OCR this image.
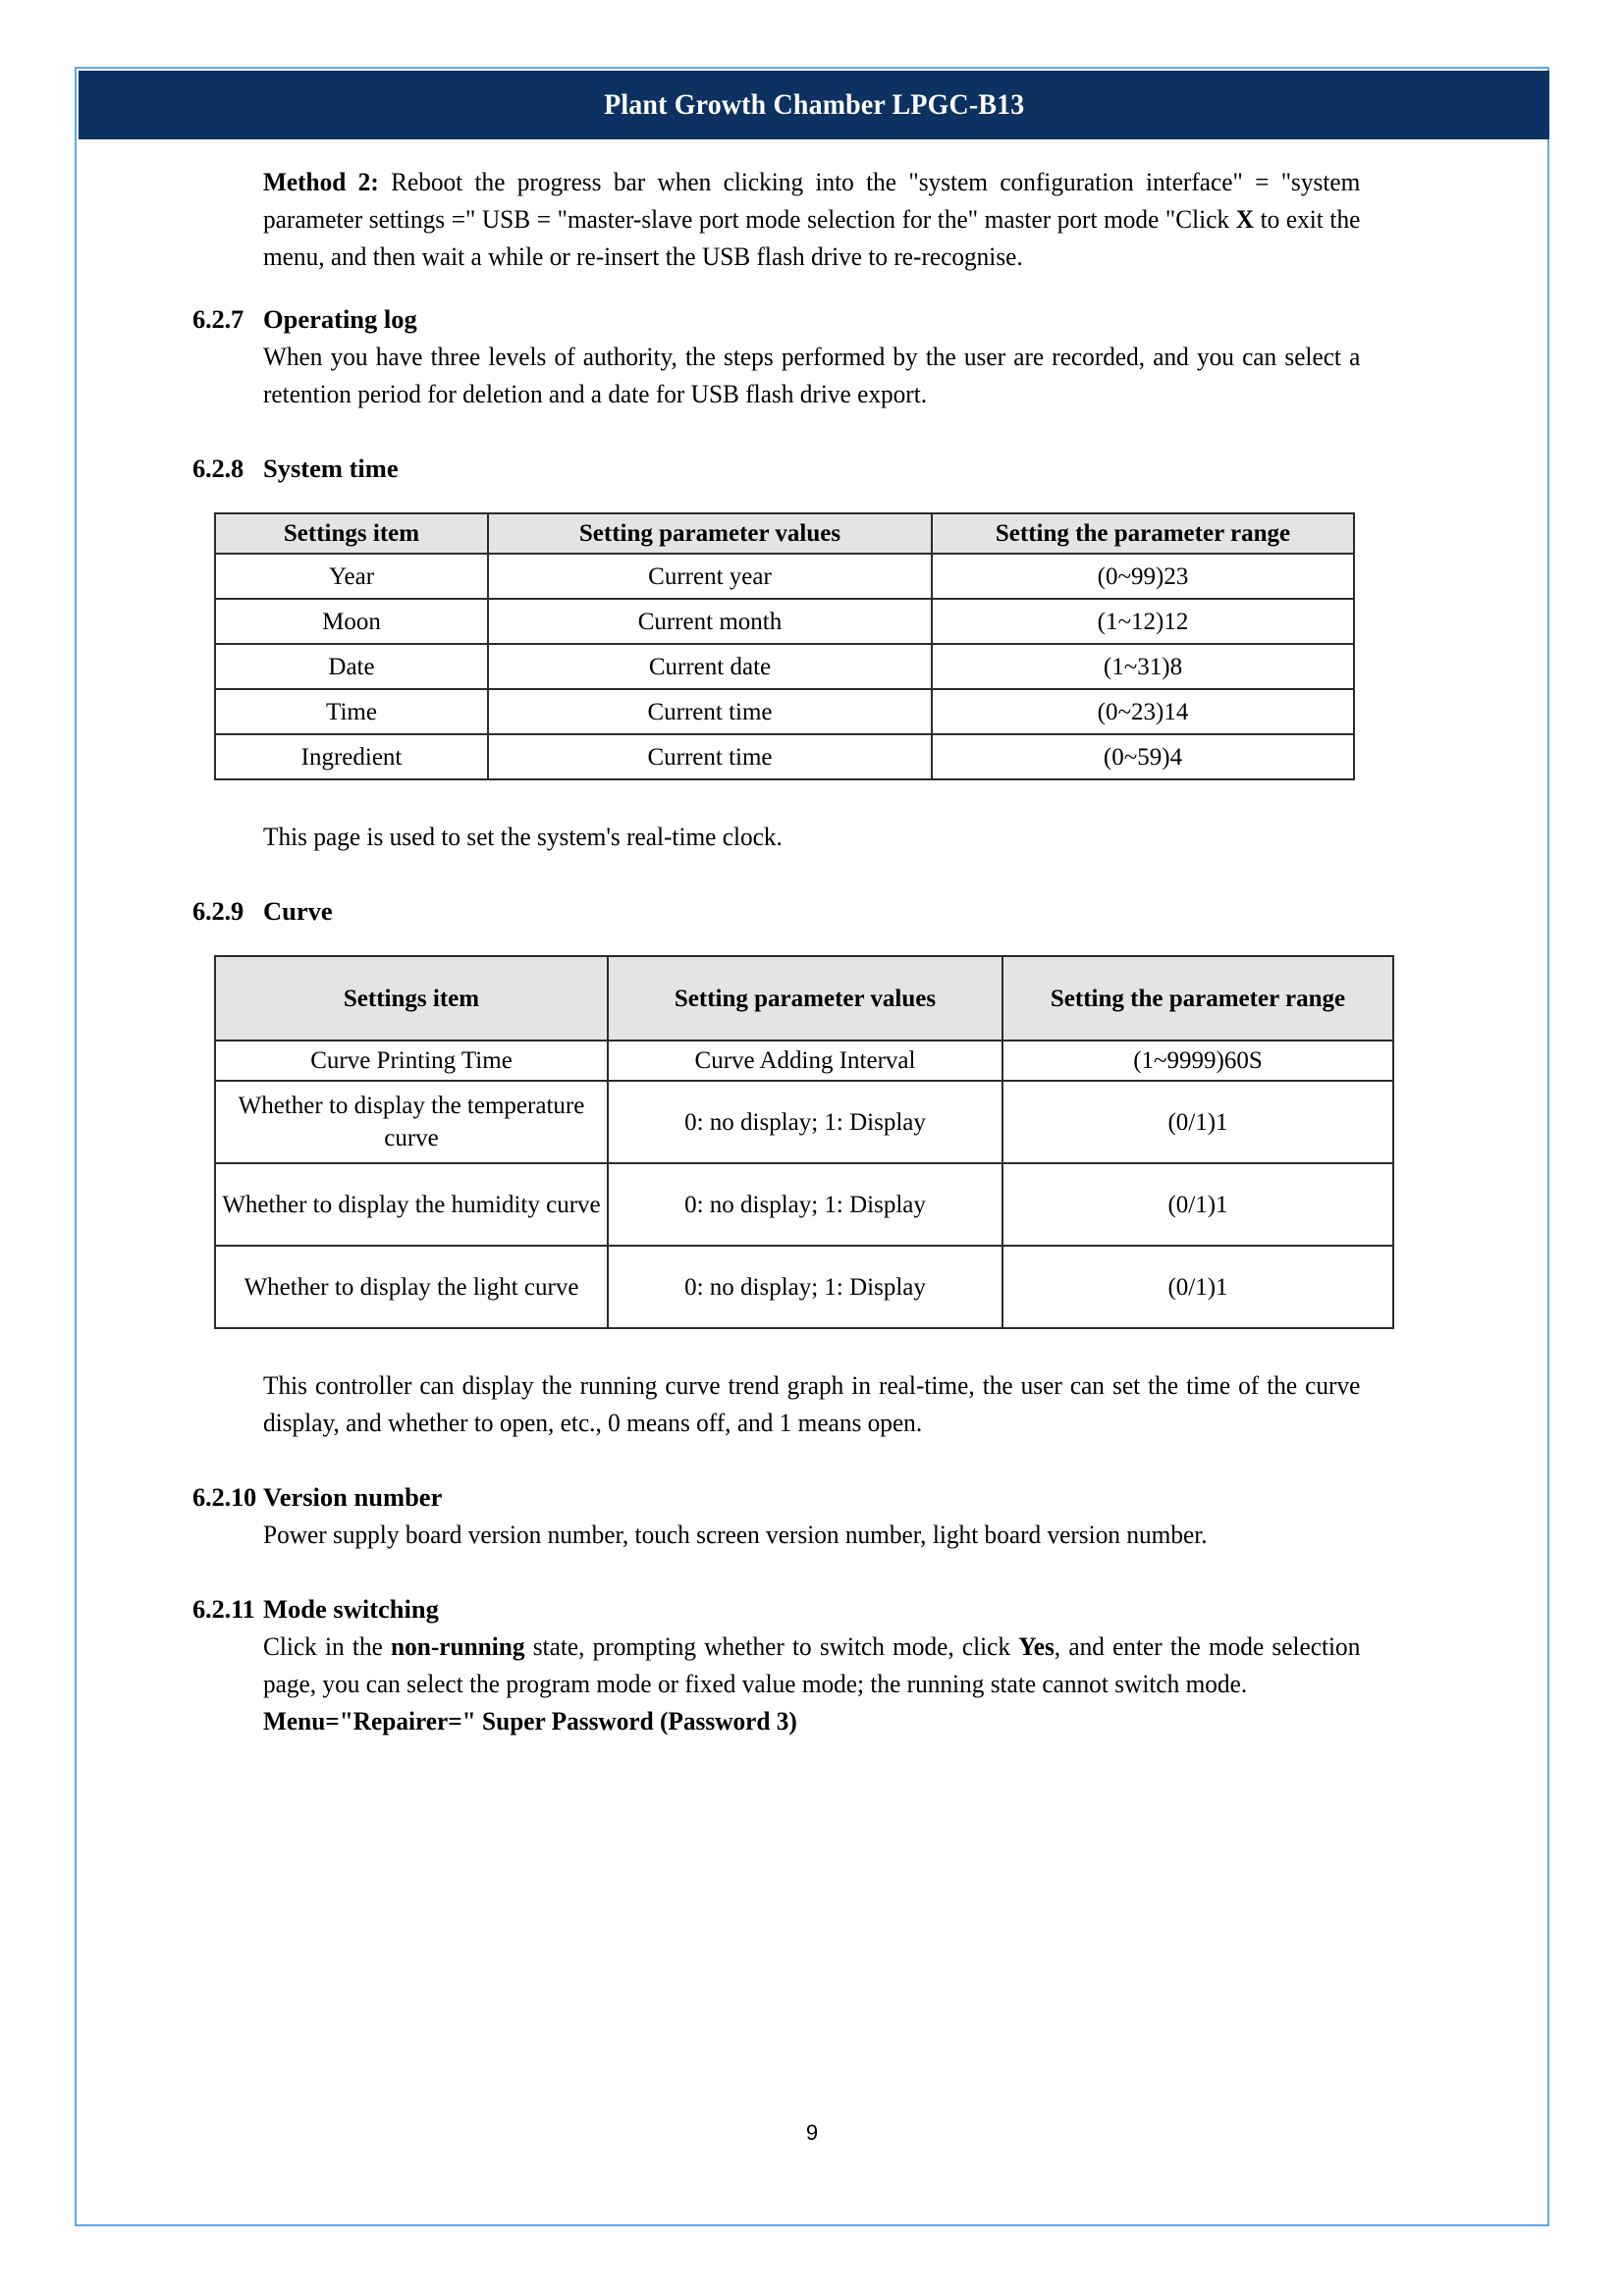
Plant Growth Chamber LPGC-B13
Method 2: Reboot the progress bar when clicking into the "system configuration interface" = "system parameter settings =" USB = "master-slave port mode selection for the" master port mode "Click X to exit the menu, and then wait a while or re-insert the USB flash drive to re-recognise.
6.2.7 Operating log
When you have three levels of authority, the steps performed by the user are recorded, and you can select a retention period for deletion and a date for USB flash drive export.
6.2.8 System time
Settings item	Setting parameter values	Setting the parameter range
Year	Current year	(0~99)23
Moon	Current month	(1~12)12
Date	Current date	(1~31)8
Time	Current time	(0~23)14
Ingredient	Current time	(0~59)4
This page is used to set the system's real-time clock.
6.2.9 Curve
Settings item	Setting parameter values	Setting the parameter range
Curve Printing Time	Curve Adding Interval	(1~9999)60S
Whether to display the temperature curve	0: no display; 1: Display	(0/1)1
Whether to display the humidity curve	0: no display; 1: Display	(0/1)1
Whether to display the light curve	0: no display; 1: Display	(0/1)1
This controller can display the running curve trend graph in real-time, the user can set the time of the curve display, and whether to open, etc., 0 means off, and 1 means open.
6.2.10 Version number
Power supply board version number, touch screen version number, light board version number.
6.2.11 Mode switching
Click in the non-running state, prompting whether to switch mode, click Yes, and enter the mode selection page, you can select the program mode or fixed value mode; the running state cannot switch mode.
Menu="Repairer=" Super Password (Password 3)
9
